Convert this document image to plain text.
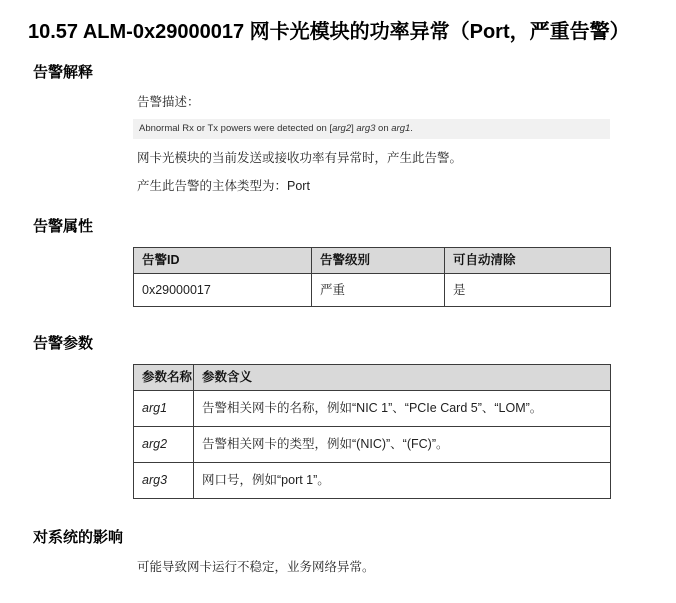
10.57 ALM-0x29000017 网卡光模块的功率异常（Port，严重告警）
告警解释

告警描述：

Abnormal Rx or Tx powers were detected on [arg2] arg3 on arg1.

网卡光模块的当前发送或接收功率有异常时，产生此告警。

产生此告警的主体类型为：Port

告警属性
告警ID	告警级别	可自动清除
0x29000017	严重	是
告警参数
参数名称	参数含义
arg1	告警相关网卡的名称，例如“NIC 1”、“PCIe Card 5”、“LOM”。
arg2	告警相关网卡的类型，例如“(NIC)”、“(FC)”。
arg3	网口号，例如“port 1”。
对系统的影响

可能导致网卡运行不稳定，业务网络异常。
